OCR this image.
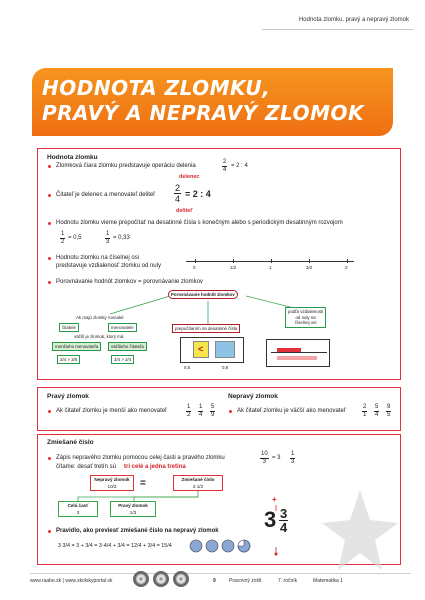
Hodnota zlomku, pravý a nepravý zlomok
HODNOTA ZLOMKU,
PRAVÝ A NEPRAVÝ ZLOMOK
Hodnota zlomku
Zlomková čiara zlomku predstavuje operáciu delenia	$\frac{2}{4} = 2$ : 4
delenec
Čitateľ je delenec a menovateľ deliteľ
2
4 = 2 : 4
deliteľ
Hodnotu zlomku vieme prepočítať na desatinné čísla s konečným alebo s periodickým desatinným rozvojom
$\frac{1}{2} = 0,5$	$\frac{1}{3} = 0,33$
Hodnotu zlomku na číselnej osi
predstavuje vzdialenosť zlomku od nuly	0	1/2	1	3/2	2
Porovnávanie hodnôt zlomkov = porovnávanie zlomkov
Porovnávanie hodnôt zlomkov
Ak majú zlomky rovnaké
čitatele	menovatele
väčší je zlomok, ktorý má
menšieho menovateľa	väčšieho čitateľa
3/4 > 3/5	3/4 > 2/4
prepočítaním na desatinné čísla
<
0,5	0,8
podľa vzdialenosti
od nuly na
číselnej osi
Pravý zlomok
Ak čitateľ zlomku je menší ako menovateľ	$\frac{1}{2} \frac{1}{4} \frac{5}{9}$
Nepravý zlomok
Ak čitateľ zlomku je väčší ako menovateľ	$\frac{2}{1} \frac{5}{4} \frac{9}{5}$
Zmiešané číslo
Zápis nepravého zlomku pomocou celej časti a pravého zlomku	$\frac{10}{3} = 3 \frac{1}{3}$
čítame: desať tretín sú tri celé a jedna tretina
Nepravý zlomok
10/3	=	Zmiešané číslo
3 1/3
Celá časť
3
Pravý zlomok
1/3	3 3
4
+
Pravidlo, ako previesť zmiešané číslo na nepravý zlomok
3 3/4 = 3 + 3/4 = 3·4/4 + 3/4 = 12/4 + 3/4 = 15/4
www.raabe.sk | www.skolskyportal.sk	9	Pracovný zošit	7. ročník	Matematika 1
